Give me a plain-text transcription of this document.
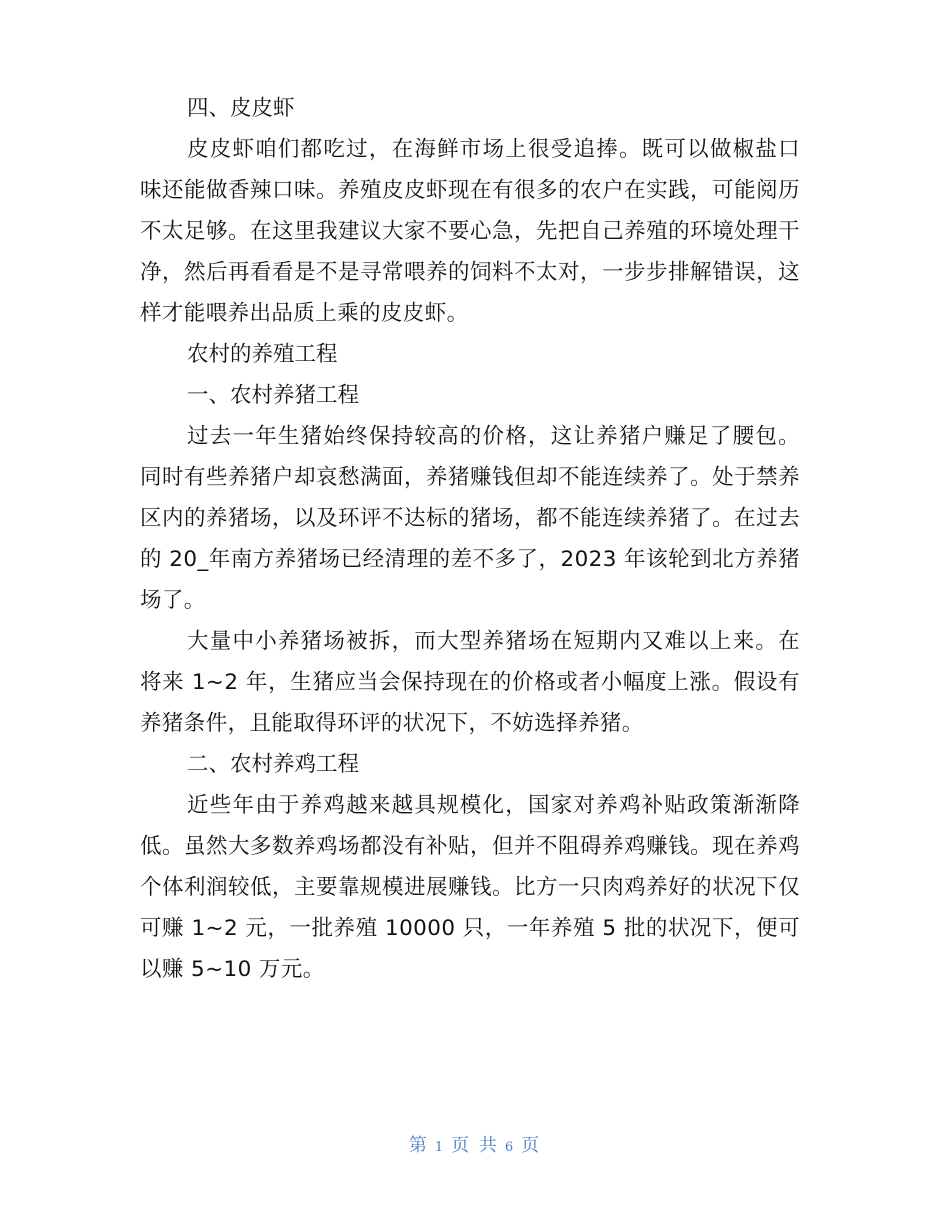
四、皮皮虾

皮皮虾咱们都吃过，在海鲜市场上很受追捧。既可以做椒盐口味还能做香辣口味。养殖皮皮虾现在有很多的农户在实践，可能阅历不太足够。在这里我建议大家不要心急，先把自己养殖的环境处理干净，然后再看看是不是寻常喂养的饲料不太对，一步步排解错误，这样才能喂养出品质上乘的皮皮虾。

农村的养殖工程

一、农村养猪工程

过去一年生猪始终保持较高的价格，这让养猪户赚足了腰包。同时有些养猪户却哀愁满面，养猪赚钱但却不能连续养了。处于禁养区内的养猪场，以及环评不达标的猪场，都不能连续养猪了。在过去的 20_年南方养猪场已经清理的差不多了，2023 年该轮到北方养猪场了。

大量中小养猪场被拆，而大型养猪场在短期内又难以上来。在将来 1~2 年，生猪应当会保持现在的价格或者小幅度上涨。假设有养猪条件，且能取得环评的状况下，不妨选择养猪。

二、农村养鸡工程

近些年由于养鸡越来越具规模化，国家对养鸡补贴政策渐渐降低。虽然大多数养鸡场都没有补贴，但并不阻碍养鸡赚钱。现在养鸡个体利润较低，主要靠规模进展赚钱。比方一只肉鸡养好的状况下仅可赚 1~2 元，一批养殖 10000 只，一年养殖 5 批的状况下，便可以赚 5~10 万元。

第 1 页 共 6 页
